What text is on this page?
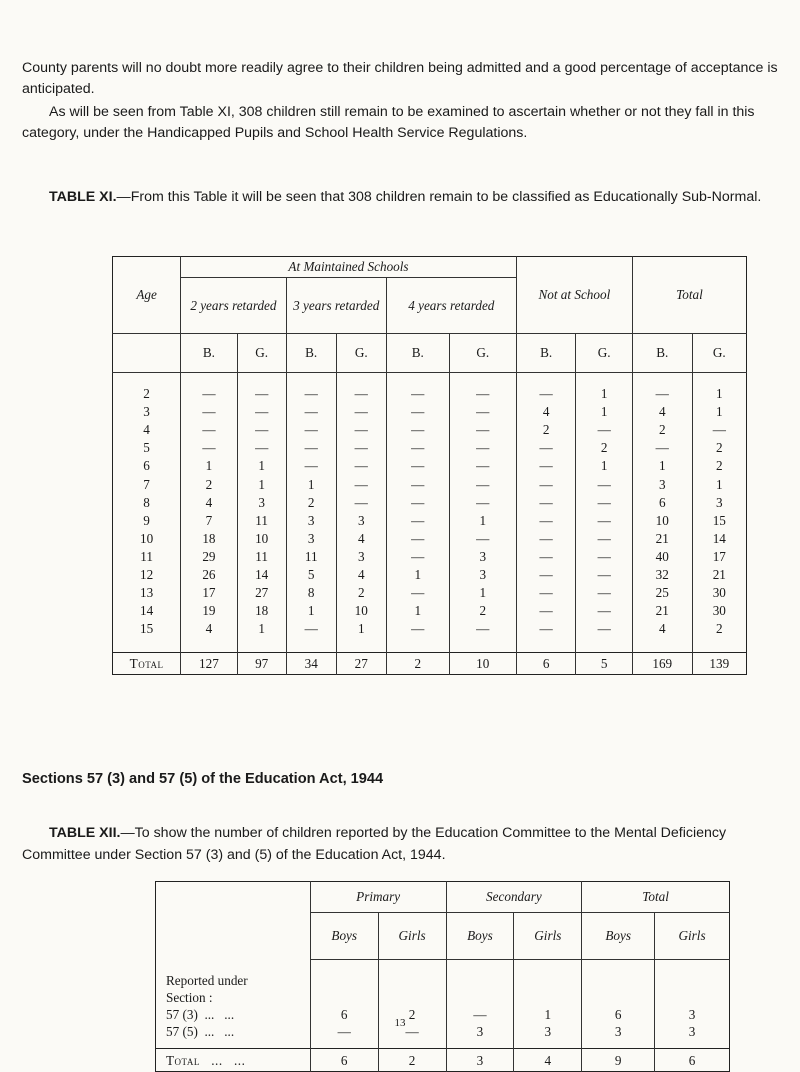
County parents will no doubt more readily agree to their children being admitted and a good percentage of acceptance is anticipated.

As will be seen from Table XI, 308 children still remain to be examined to ascertain whether or not they fall in this category, under the Handicapped Pupils and School Health Service Regulations.

TABLE XI.—From this Table it will be seen that 308 children remain to be classified as Educationally Sub-Normal.

Age	At Maintained Schools						Not at School		Total	
	2 years retarded		3 years retarded		4 years retarded					
	B.	G.	B.	G.	B.	G.	B.	G.	B.	G.
2	—	—	—	—	—	—	—	1	—	1
3	—	—	—	—	—	—	4	1	4	1
4	—	—	—	—	—	—	2	—	2	—
5	—	—	—	—	—	—	—	2	—	2
6	1	1	—	—	—	—	—	1	1	2
7	2	1	1	—	—	—	—	—	3	1
8	4	3	2	—	—	—	—	—	6	3
9	7	11	3	3	—	1	—	—	10	15
10	18	10	3	4	—	—	—	—	21	14
11	29	11	11	3	—	3	—	—	40	17
12	26	14	5	4	1	3	—	—	32	21
13	17	27	8	2	—	1	—	—	25	30
14	19	18	1	10	1	2	—	—	21	30
15	4	1	—	1	—	—	—	—	4	2
Total	127	97	34	27	2	10	6	5	169	139

Sections 57 (3) and 57 (5) of the Education Act, 1944

TABLE XII.—To show the number of children reported by the Education Committee to the Mental Deficiency Committee under Section 57 (3) and (5) of the Education Act, 1944.

	Primary		Secondary		Total	
	Boys	Girls	Boys	Girls	Boys	Girls
Reported under						
Section :						
57 (3)  ...   ...	6	2	—	1	6	3
57 (5)  ...   ...	—	—	3	3	3	3
Total   ...   ...	6	2	3	4	9	6
13
